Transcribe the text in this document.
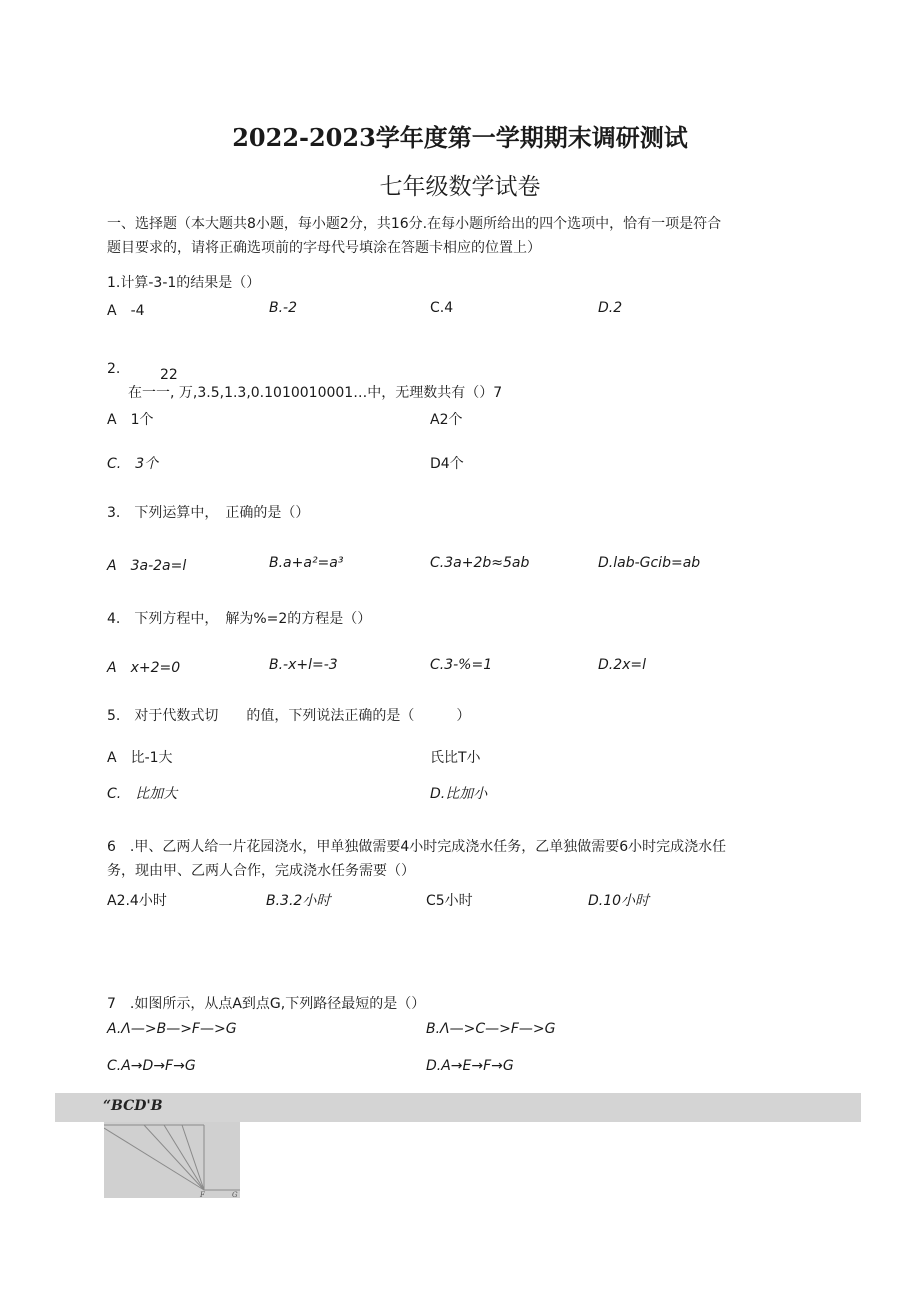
2022-2023学年度第一学期期末调研测试
七年级数学试卷
一、选择题（本大题共8小题，每小题2分，共16分.在每小题所给出的四个选项中，恰有一项是符合
题目要求的，请将正确选项前的字母代号填涂在答题卡相应的位置上）
1.计算-3-1的结果是（）
A　-4	B.-2	C.4	D.2
2.	22
在一一, 万,3.5,1.3,0.1010010001…中，无理数共有（）7
A　1个	A2个
C.　3个	D4个
3.　下列运算中，　正确的是（）
A　3a-2a=l	B.a+a²=a³	C.3a+2b≈5ab	D.lab-Gcib=ab
4.　下列方程中，　解为%=2的方程是（）
A　x+2=0	B.-x+l=-3	C.3-%=1	D.2x=l
5.　对于代数式切　　的值，下列说法正确的是（　　　）
A　比-1大	氏比T小
C.　比加大	D.比加小
6　.甲、乙两人给一片花园浇水，甲单独做需要4小时完成浇水任务，乙单独做需要6小时完成浇水任
务，现由甲、乙两人合作，完成浇水任务需要（）
A2.4小时	B.3.2小时	C5小时	D.10小时
7　.如图所示，从点A到点G,下列路径最短的是（）
A.Λ—>B—>F—>G	B.Λ—>C—>F—>G
C.A→D→F→G	D.A→E→F→G
“BCD'B
F	G
